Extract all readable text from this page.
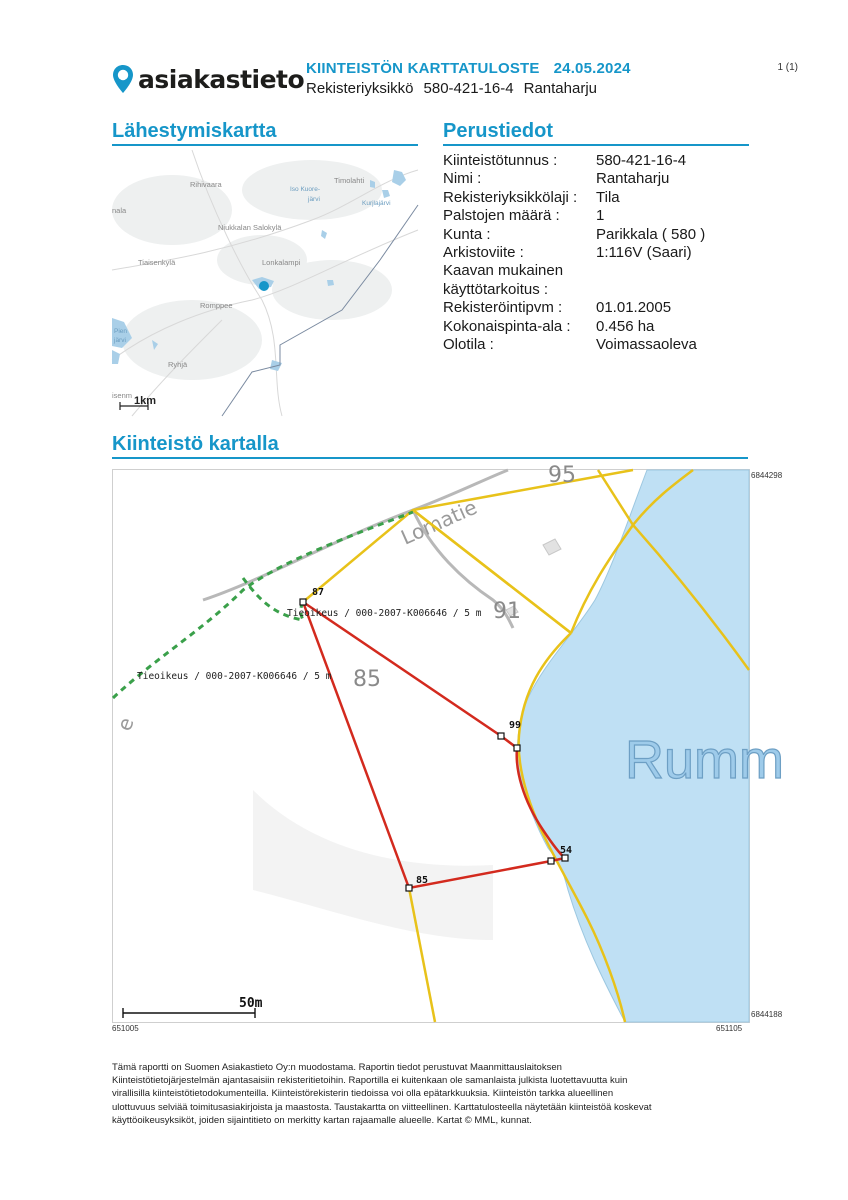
asiakastieto KIINTEISTÖN KARTTATULOSTE 24.05.2024
Rekisteriyksikkö 580-421-16-4 Rantaharju
1 (1)
Lähestymiskartta
Rihivaara
Iso Kuore-
järvi
Timolahti
Kurjlajärvi
nala
Niukkalan Salokylä
Tiaisenkylä	Lonkalampi
Romppee
Pien
järvi
Ryhjä
isenm 1km
Perustiedot
Kiinteistötunnus :	580-421-16-4
Nimi :	Rantaharju
Rekisteriyksikkölaji :	Tila
Palstojen määrä :	1
Kunta :	Parikkala ( 580 )
Arkistoviite :	1:116V (Saari)
Kaavan mukainen
käyttötarkoitus :
Rekisteröintipvm :	01.01.2005
Kokonaispinta-ala :	0.456 ha
Olotila :	Voimassaoleva
Kiinteistö kartalla
6844298
6844188
651005	651105
Rumm
Lomatie
e
95
91
85
Tieoikeus / 000-2007-K006646 / 5 m
Tieoikeus / 000-2007-K006646 / 5 m
87
99
54
85
50m

Tämä raportti on Suomen Asiakastieto Oy:n muodostama. Raportin tiedot perustuvat Maanmittauslaitoksen

Kiinteistötietojärjestelmän ajantasaisiin rekisteritietoihin. Raportilla ei kuitenkaan ole samanlaista julkista luotettavuutta kuin

virallisilla kiinteistötietodokumenteilla. Kiinteistörekisterin tiedoissa voi olla epätarkkuuksia. Kiinteistön tarkka alueellinen

ulottuvuus selviää toimitusasiakirjoista ja maastosta. Taustakartta on viitteellinen. Karttatulosteella näytetään kiinteistöä koskevat

käyttöoikeusyksiköt, joiden sijaintitieto on merkitty kartan rajaamalle alueelle. Kartat © MML, kunnat.
